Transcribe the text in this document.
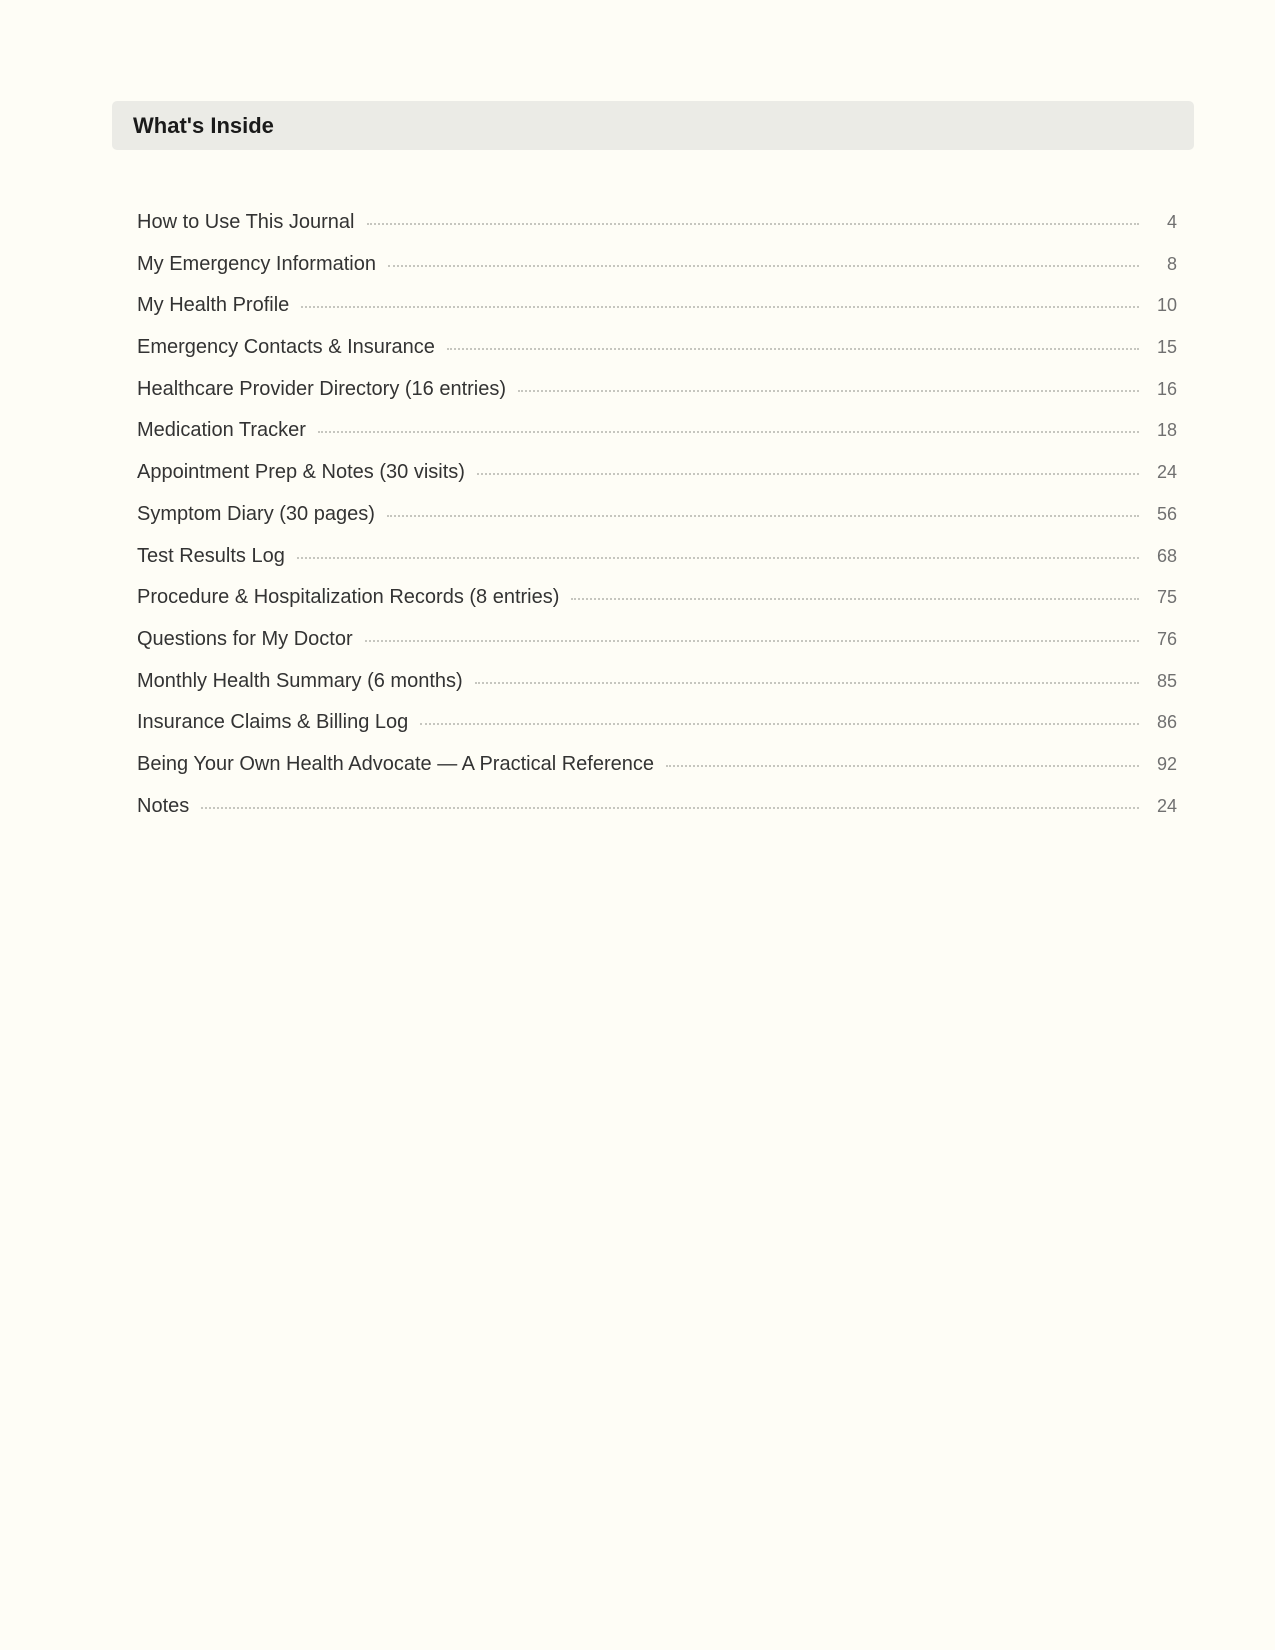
What's Inside
How to Use This Journal	4
My Emergency Information	8
My Health Profile	10
Emergency Contacts & Insurance	15
Healthcare Provider Directory (16 entries)	16
Medication Tracker	18
Appointment Prep & Notes (30 visits)	24
Symptom Diary (30 pages)	56
Test Results Log	68
Procedure & Hospitalization Records (8 entries)	75
Questions for My Doctor	76
Monthly Health Summary (6 months)	85
Insurance Claims & Billing Log	86
Being Your Own Health Advocate — A Practical Reference	92
Notes	24
